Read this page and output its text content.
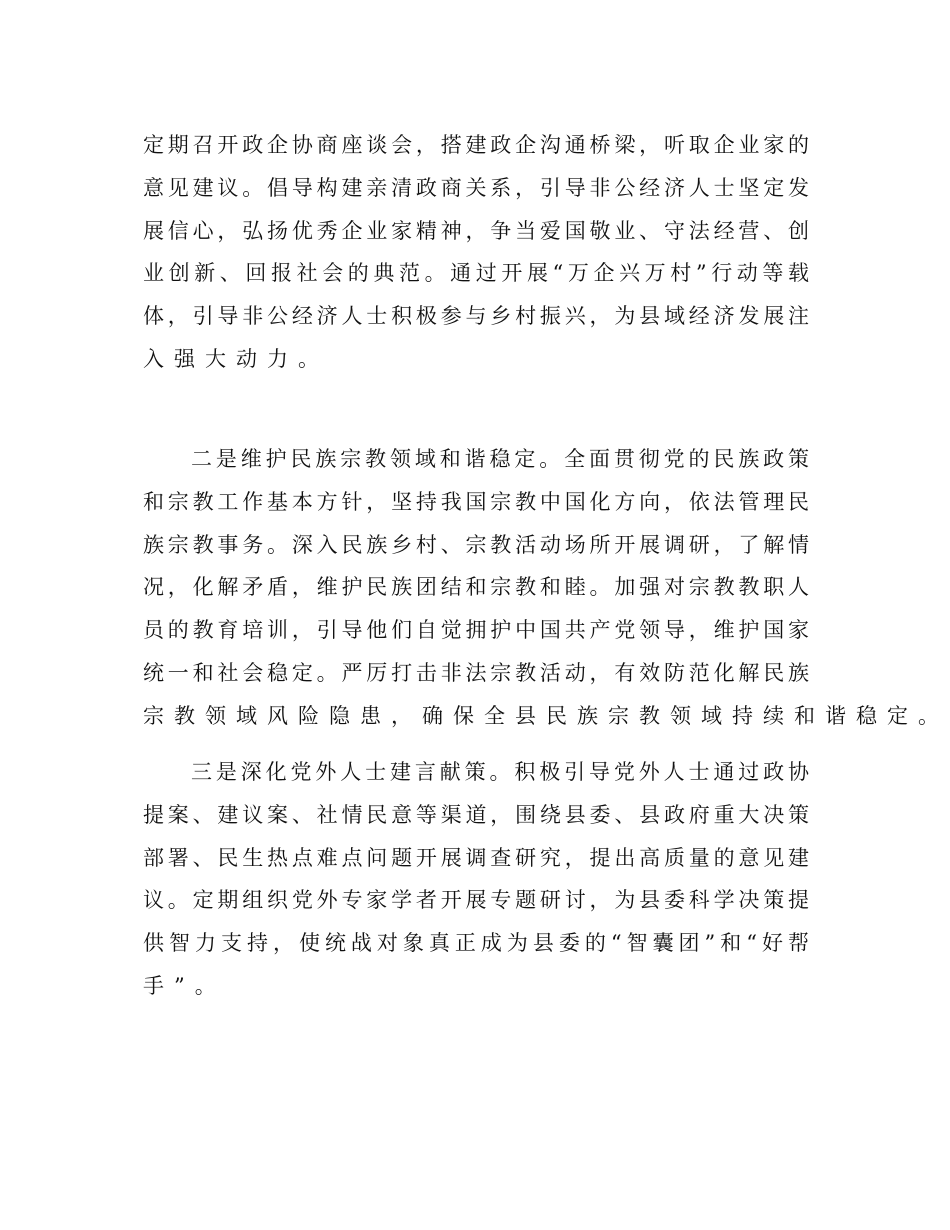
定期召开政企协商座谈会，搭建政企沟通桥梁，听取企业家的
意见建议。倡导构建亲清政商关系，引导非公经济人士坚定发
展信心，弘扬优秀企业家精神，争当爱国敬业、守法经营、创
业创新、回报社会的典范。通过开展“万企兴万村”行动等载
体，引导非公经济人士积极参与乡村振兴，为县域经济发展注
入强大动力。
二是维护民族宗教领域和谐稳定。全面贯彻党的民族政策
和宗教工作基本方针，坚持我国宗教中国化方向，依法管理民
族宗教事务。深入民族乡村、宗教活动场所开展调研，了解情
况，化解矛盾，维护民族团结和宗教和睦。加强对宗教教职人
员的教育培训，引导他们自觉拥护中国共产党领导，维护国家
统一和社会稳定。严厉打击非法宗教活动，有效防范化解民族
宗教领域风险隐患，确保全县民族宗教领域持续和谐稳定。
三是深化党外人士建言献策。积极引导党外人士通过政协
提案、建议案、社情民意等渠道，围绕县委、县政府重大决策
部署、民生热点难点问题开展调查研究，提出高质量的意见建
议。定期组织党外专家学者开展专题研讨，为县委科学决策提
供智力支持，使统战对象真正成为县委的“智囊团”和“好帮
手”。
